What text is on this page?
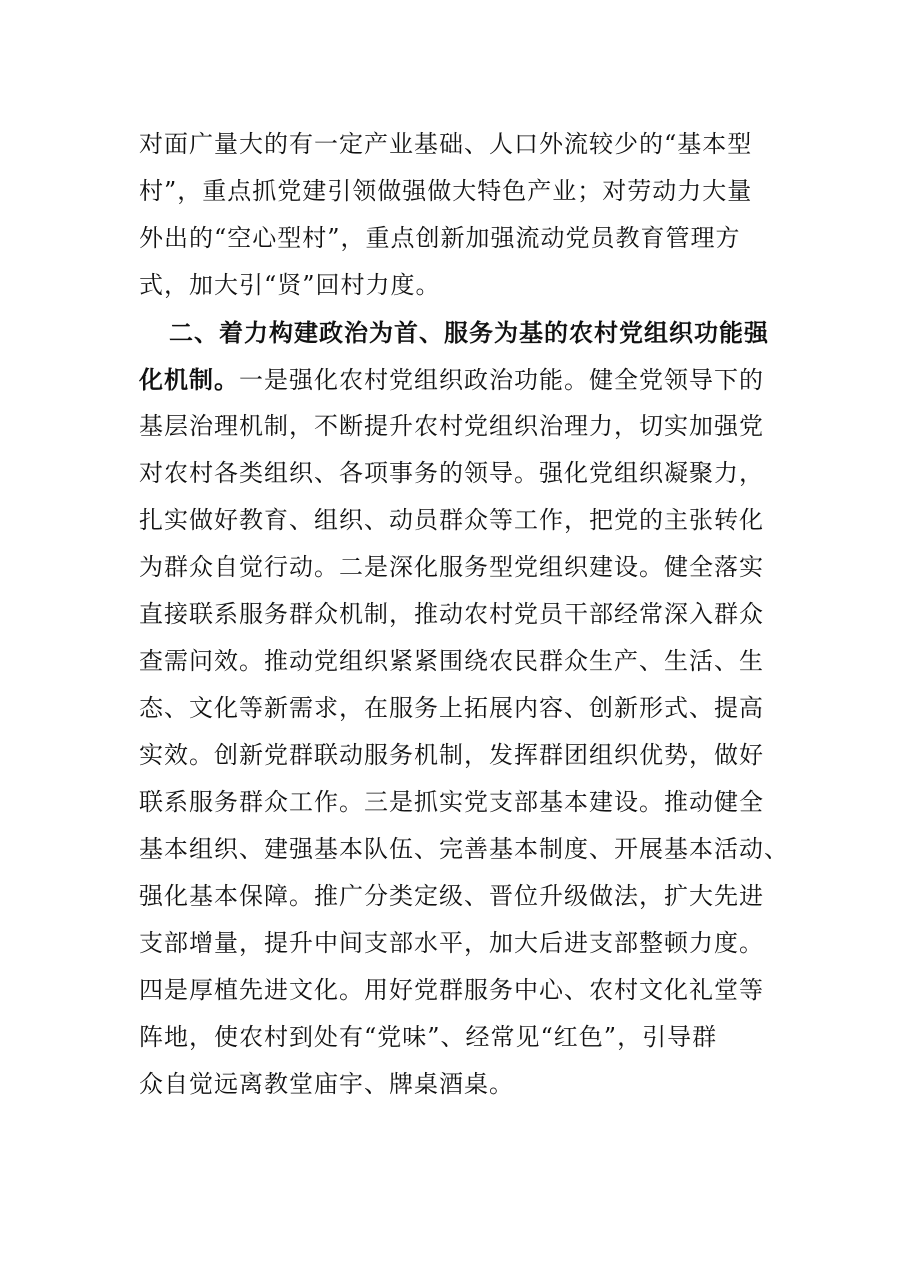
对面广量大的有一定产业基础、人口外流较少的“基本型
村”，重点抓党建引领做强做大特色产业；对劳动力大量
外出的“空心型村”，重点创新加强流动党员教育管理方
式，加大引“贤”回村力度。
二、着力构建政治为首、服务为基的农村党组织功能强
化机制。一是强化农村党组织政治功能。健全党领导下的
基层治理机制，不断提升农村党组织治理力，切实加强党
对农村各类组织、各项事务的领导。强化党组织凝聚力，
扎实做好教育、组织、动员群众等工作，把党的主张转化
为群众自觉行动。二是深化服务型党组织建设。健全落实
直接联系服务群众机制，推动农村党员干部经常深入群众
查需问效。推动党组织紧紧围绕农民群众生产、生活、生
态、文化等新需求，在服务上拓展内容、创新形式、提高
实效。创新党群联动服务机制，发挥群团组织优势，做好
联系服务群众工作。三是抓实党支部基本建设。推动健全
基本组织、建强基本队伍、完善基本制度、开展基本活动、
强化基本保障。推广分类定级、晋位升级做法，扩大先进
支部增量，提升中间支部水平，加大后进支部整顿力度。
四是厚植先进文化。用好党群服务中心、农村文化礼堂等
阵地，使农村到处有“党味”、经常见“红色”，引导群
众自觉远离教堂庙宇、牌桌酒桌。
